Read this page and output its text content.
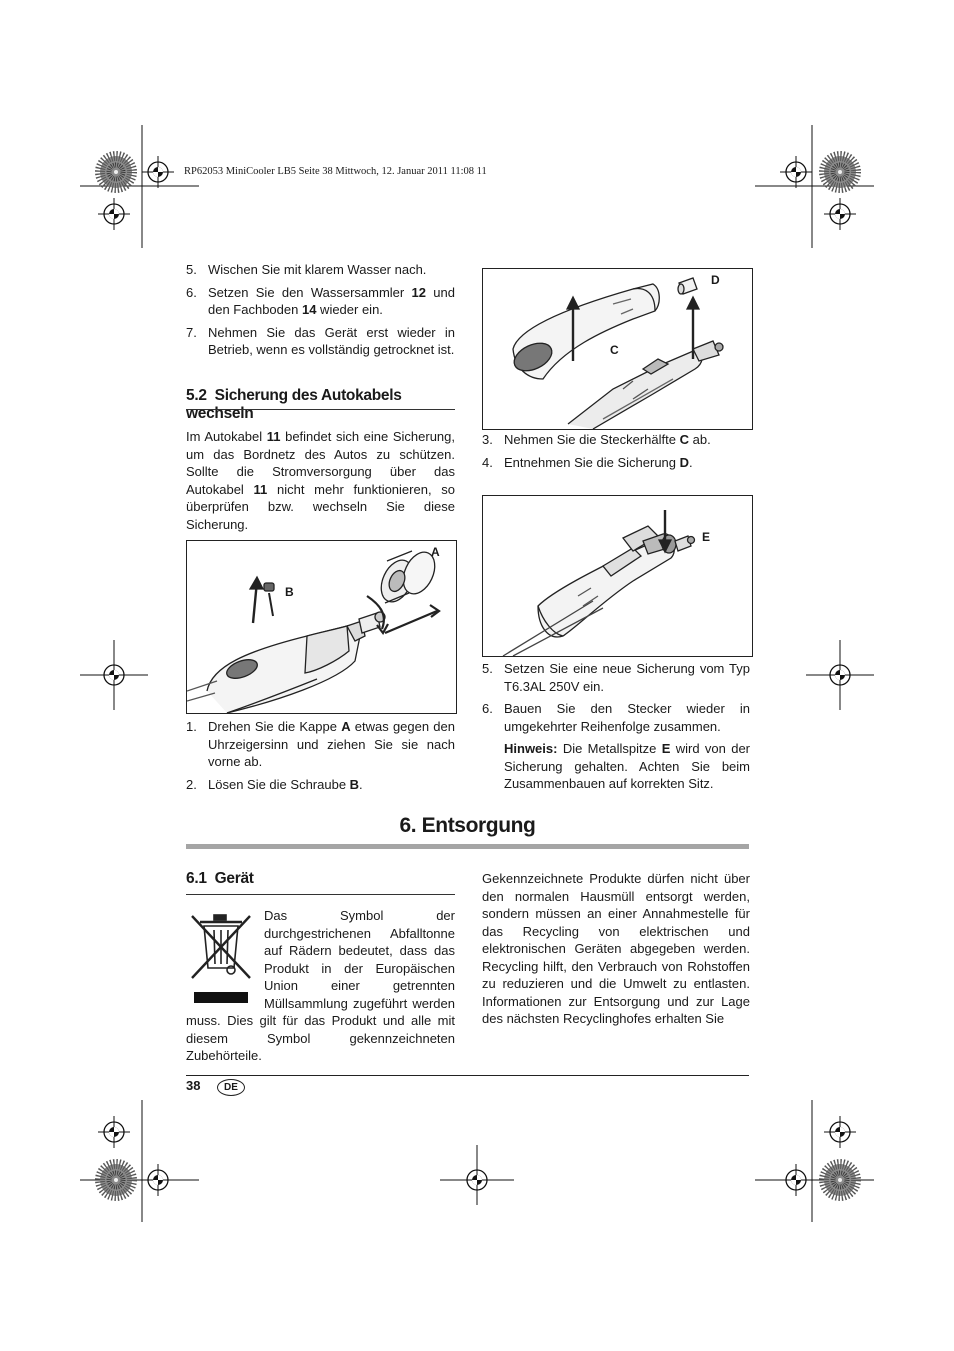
RP62053 MiniCooler LB5 Seite 38 Mittwoch, 12. Januar 2011 11:08 11
5. Wischen Sie mit klarem Wasser nach.
6. Setzen Sie den Wassersammler 12 und den Fachboden 14 wieder ein.
7. Nehmen Sie das Gerät erst wieder in Betrieb, wenn es vollständig getrocknet ist.
5.2 Sicherung des Autokabels wechseln
Im Autokabel 11 befindet sich eine Sicherung, um das Bordnetz des Autos zu schützen. Sollte die Stromversorgung über das Autokabel 11 nicht mehr funktionieren, so überprüfen bzw. wechseln Sie diese Sicherung.
A
B
1. Drehen Sie die Kappe A etwas gegen den Uhrzeigersinn und ziehen Sie sie nach vorne ab.
2. Lösen Sie die Schraube B.
D
C
3. Nehmen Sie die Steckerhälfte C ab.
4. Entnehmen Sie die Sicherung D.
E
5. Setzen Sie eine neue Sicherung vom Typ T6.3AL 250V ein.
6. Bauen Sie den Stecker wieder in umgekehrter Reihenfolge zusammen.
Hinweis: Die Metallspitze E wird von der Sicherung gehalten. Achten Sie beim Zusammenbauen auf korrekten Sitz.
6. Entsorgung
6.1 Gerät
Das Symbol der durchgestrichenen Abfalltonne auf Rädern bedeutet, dass das Produkt in der Europäischen Union einer getrennten Müllsammlung zugeführt werden muss. Dies gilt für das Produkt und alle mit diesem Symbol gekennzeichneten Zubehörteile.
Gekennzeichnete Produkte dürfen nicht über den normalen Hausmüll entsorgt werden, sondern müssen an einer Annahmestelle für das Recycling von elektrischen und elektronischen Geräten abgegeben werden. Recycling hilft, den Verbrauch von Rohstoffen zu reduzieren und die Umwelt zu entlasten. Informationen zur Entsorgung und zur Lage des nächsten Recyclinghofes erhalten Sie
38	DE
